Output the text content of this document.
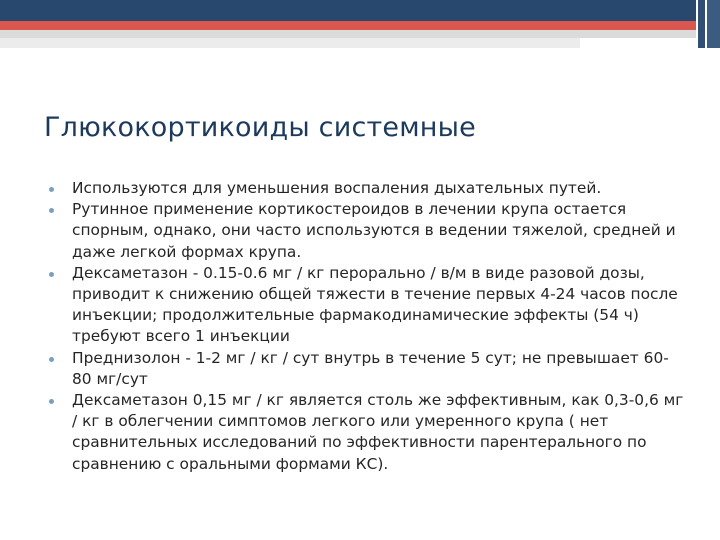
Глюкокортикоиды системные
Используются для уменьшения воспаления дыхательных путей.
Рутинное применение кортикостероидов в лечении крупа остается спорным, однако, они часто используются в ведении тяжелой, средней и даже легкой формах крупа.
Дексаметазон - 0.15-0.6 мг / кг перорально / в/м в виде разовой дозы, приводит к снижению общей тяжести в течение первых 4-24 часов после инъекции; продолжительные фармакодинамические эффекты (54 ч) требуют всего 1 инъекции
Преднизолон - 1-2 мг / кг / сут внутрь в течение 5 сут; не превышает 60-80 мг/сут
Дексаметазон 0,15 мг / кг является столь же эффективным, как 0,3-0,6 мг / кг в облегчении симптомов легкого или умеренного крупа ( нет сравнительных исследований по эффективности парентерального по сравнению с оральными формами КС).
